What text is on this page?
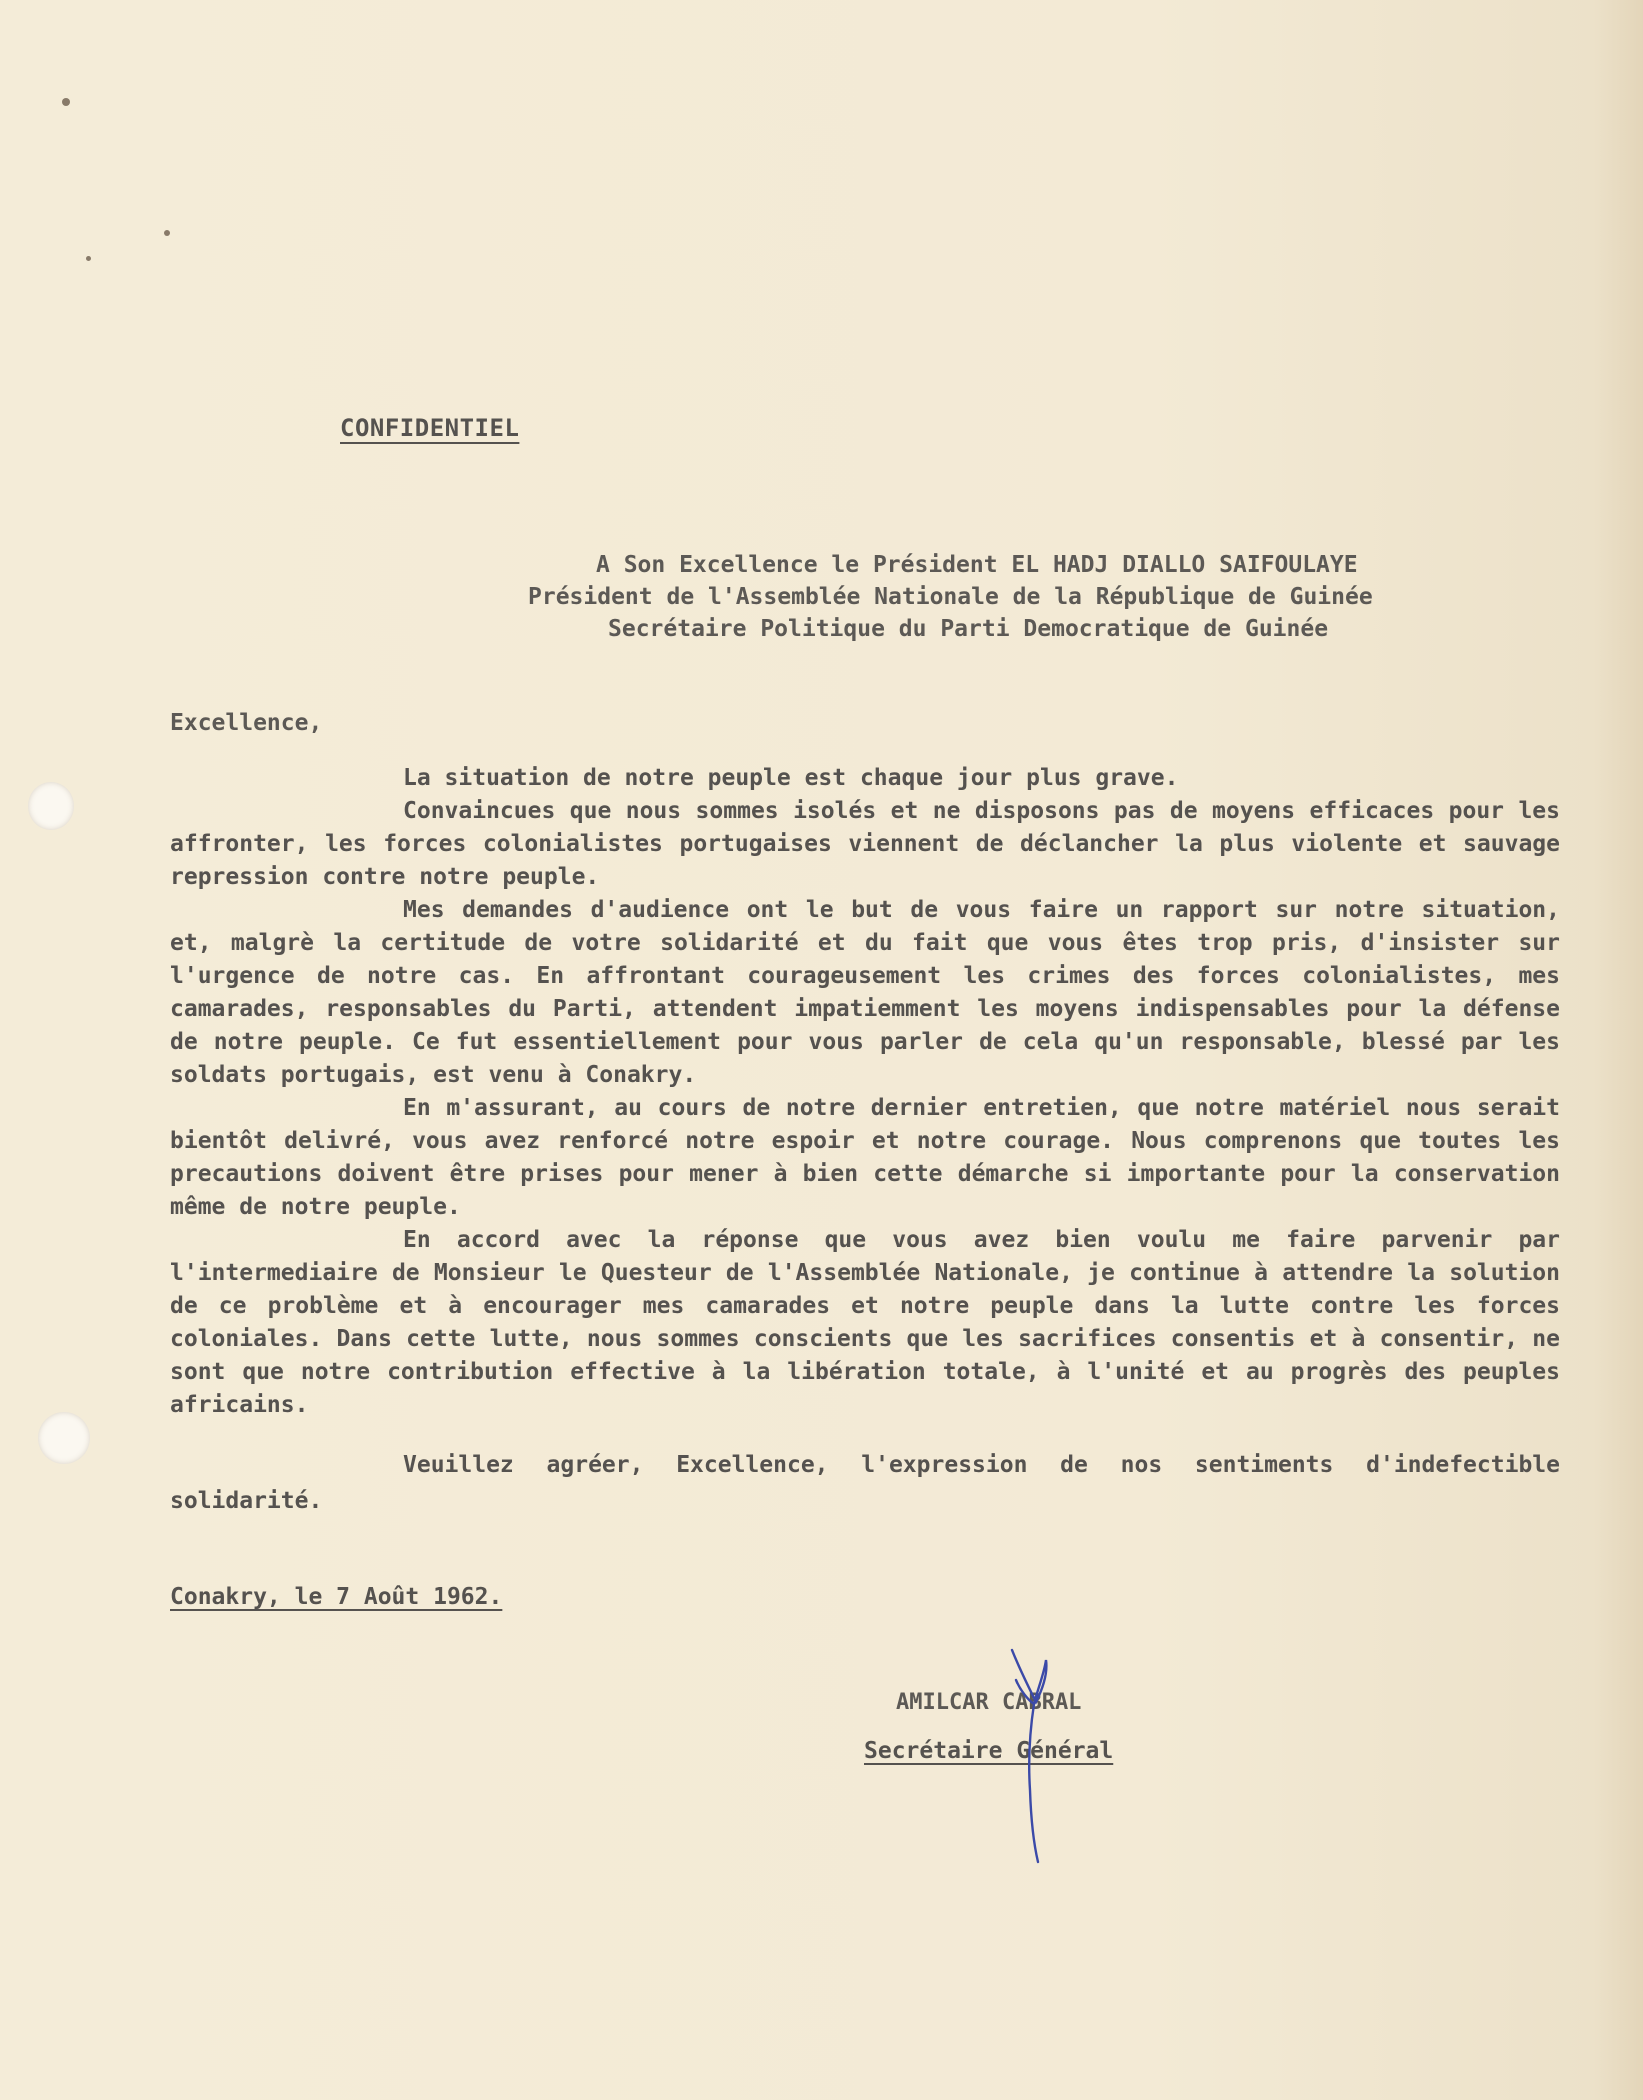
CONFIDENTIEL
A Son Excellence le Président EL HADJ DIALLO SAIFOULAYE
Président de l'Assemblée Nationale de la République de Guinée
Secrétaire Politique du Parti Democratique de Guinée
Excellence,

La situation de notre peuple est chaque jour plus grave.

Convaincues que nous sommes isolés et ne disposons pas de moyens efficaces pour les affronter, les forces colonialistes portugaises viennent de déclancher la plus violente et sauvage repression contre notre peuple.

Mes demandes d'audience ont le but de vous faire un rapport sur notre situation, et, malgrè la certitude de votre solidarité et du fait que vous êtes trop pris, d'insister sur l'urgence de notre cas. En affrontant courageusement les crimes des forces colonialistes, mes camarades, responsables du Parti, attendent impatiemment les moyens indispensables pour la défense de notre peuple. Ce fut essentiellement pour vous parler de cela qu'un responsable, blessé par les soldats portugais, est venu à Conakry.

En m'assurant, au cours de notre dernier entretien, que notre matériel nous serait bientôt delivré, vous avez renforcé notre espoir et notre courage. Nous comprenons que toutes les precautions doivent être prises pour mener à bien cette démarche si importante pour la conservation même de notre peuple.

En accord avec la réponse que vous avez bien voulu me faire parvenir par l'intermediaire de Monsieur le Questeur de l'Assemblée Nationale, je continue à attendre la solution de ce problème et à encourager mes camarades et notre peuple dans la lutte contre les forces coloniales. Dans cette lutte, nous sommes conscients que les sacrifices consentis et à consentir, ne sont que notre contribution effective à la libération totale, à l'unité et au progrès des peuples africains.

Veuillez agréer, Excellence, l'expression de nos sentiments d'indefectible solidarité.
Conakry, le 7 Août 1962.
AMILCAR CABRAL
Secrétaire Général
